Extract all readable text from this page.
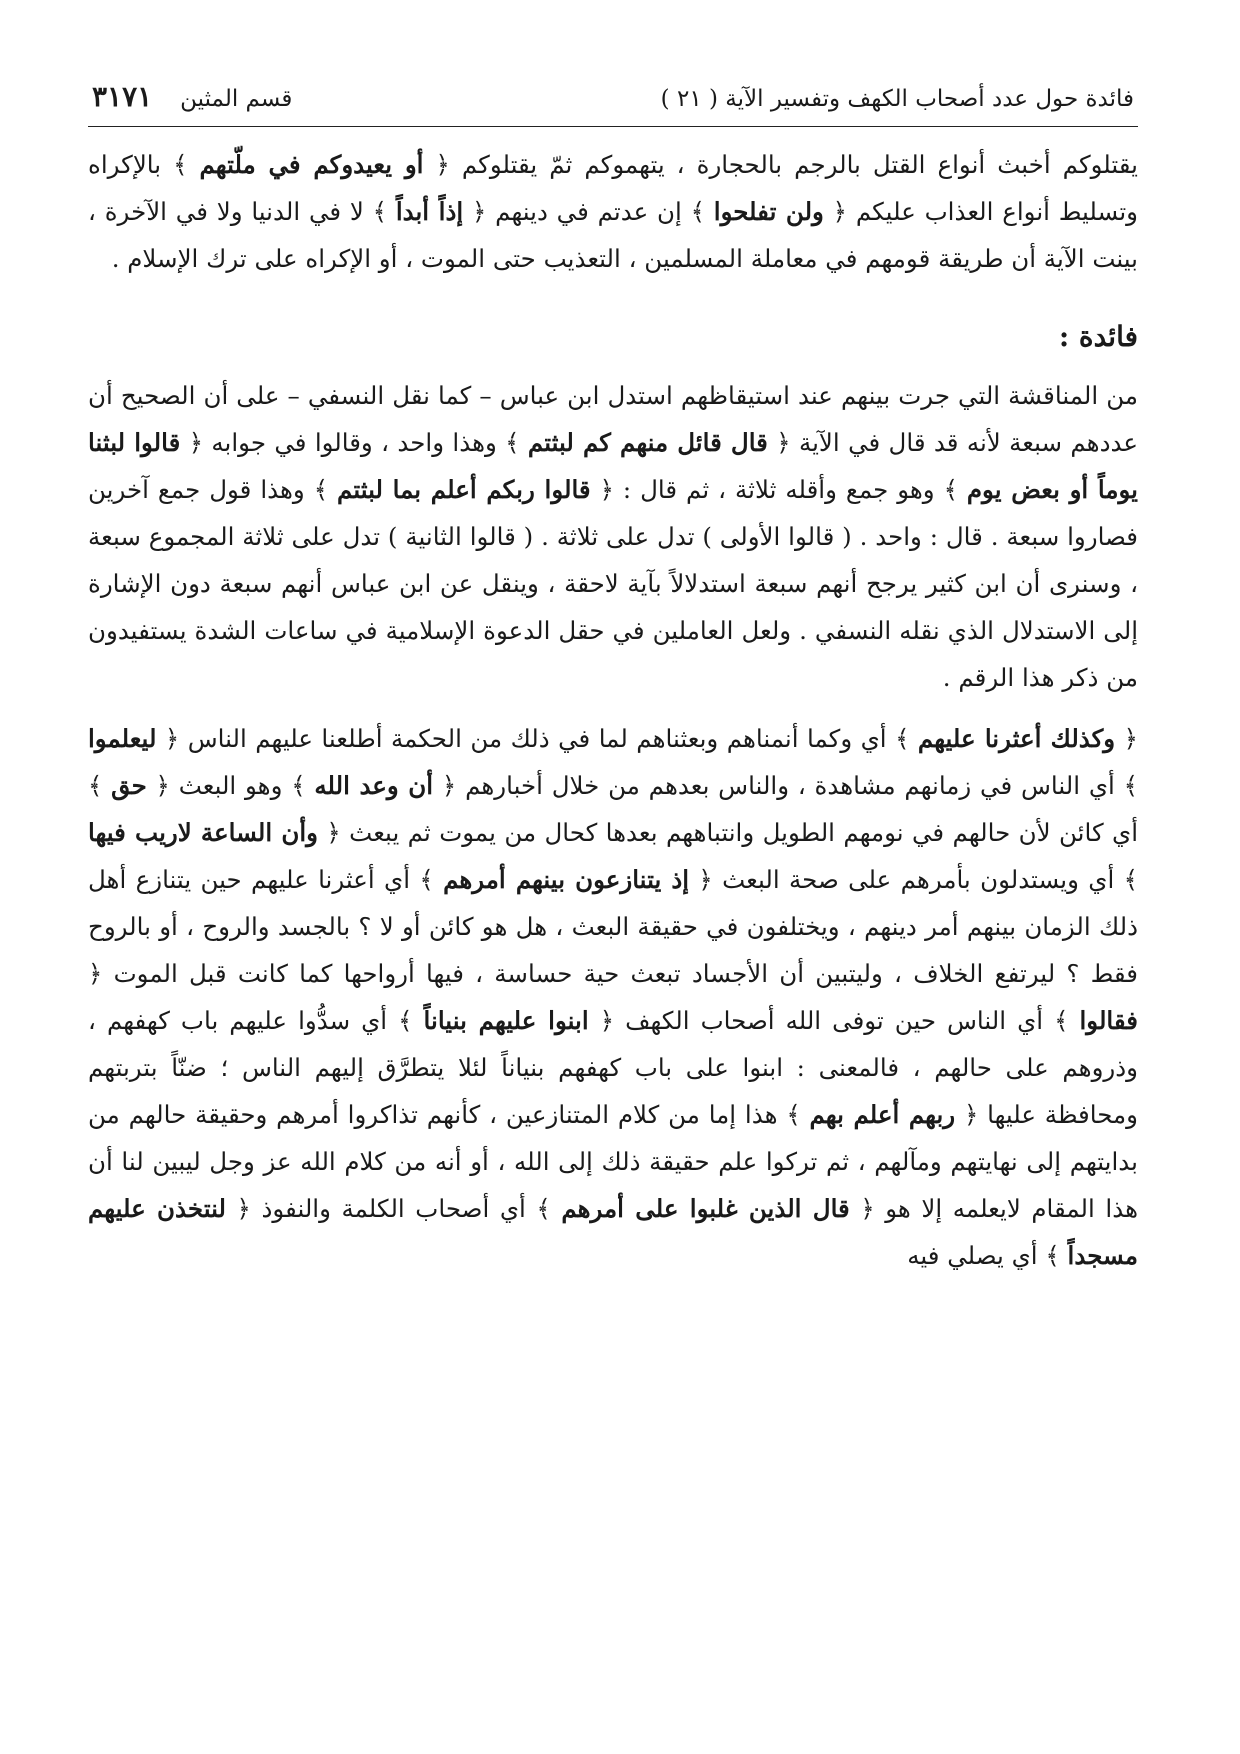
فائدة حول عدد أصحاب الكهف وتفسير الآية ( ٢١ )
قسم المثين
٣١٧١

يقتلوكم أخبث أنواع القتل بالرجم بالحجارة ، يتهموكم ثمّ يقتلوكم ﴿ أو يعيدوكم في ملّتهم ﴾ بالإكراه وتسليط أنواع العذاب عليكم ﴿ ولن تفلحوا ﴾ إن عدتم في دينهم ﴿ إذاً أبداً ﴾ لا في الدنيا ولا في الآخرة ، بينت الآية أن طريقة قومهم في معاملة المسلمين ، التعذيب حتى الموت ، أو الإكراه على ترك الإسلام .

فائدة :

من المناقشة التي جرت بينهم عند استيقاظهم استدل ابن عباس – كما نقل النسفي – على أن الصحيح أن عددهم سبعة لأنه قد قال في الآية ﴿ قال قائل منهم كم لبثتم ﴾ وهذا واحد ، وقالوا في جوابه ﴿ قالوا لبثنا يوماً أو بعض يوم ﴾ وهو جمع وأقله ثلاثة ، ثم قال : ﴿ قالوا ربكم أعلم بما لبثتم ﴾ وهذا قول جمع آخرين فصاروا سبعة . قال : واحد . ( قالوا الأولى ) تدل على ثلاثة . ( قالوا الثانية ) تدل على ثلاثة المجموع سبعة ، وسنرى أن ابن كثير يرجح أنهم سبعة استدلالاً بآية لاحقة ، وينقل عن ابن عباس أنهم سبعة دون الإشارة إلى الاستدلال الذي نقله النسفي . ولعل العاملين في حقل الدعوة الإسلامية في ساعات الشدة يستفيدون من ذكر هذا الرقم .

﴿ وكذلك أعثرنا عليهم ﴾ أي وكما أنمناهم وبعثناهم لما في ذلك من الحكمة أطلعنا عليهم الناس ﴿ ليعلموا ﴾ أي الناس في زمانهم مشاهدة ، والناس بعدهم من خلال أخبارهم ﴿ أن وعد الله ﴾ وهو البعث ﴿ حق ﴾ أي كائن لأن حالهم في نومهم الطويل وانتباههم بعدها كحال من يموت ثم يبعث ﴿ وأن الساعة لاريب فيها ﴾ أي ويستدلون بأمرهم على صحة البعث ﴿ إذ يتنازعون بينهم أمرهم ﴾ أي أعثرنا عليهم حين يتنازع أهل ذلك الزمان بينهم أمر دينهم ، ويختلفون في حقيقة البعث ، هل هو كائن أو لا ؟ بالجسد والروح ، أو بالروح فقط ؟ ليرتفع الخلاف ، وليتبين أن الأجساد تبعث حية حساسة ، فيها أرواحها كما كانت قبل الموت ﴿ فقالوا ﴾ أي الناس حين توفى الله أصحاب الكهف ﴿ ابنوا عليهم بنياناً ﴾ أي سدُّوا عليهم باب كهفهم ، وذروهم على حالهم ، فالمعنى : ابنوا على باب كهفهم بنياناً لئلا يتطرَّق إليهم الناس ؛ ضنّاً بتربتهم ومحافظة عليها ﴿ ربهم أعلم بهم ﴾ هذا إما من كلام المتنازعين ، كأنهم تذاكروا أمرهم وحقيقة حالهم من بدايتهم إلى نهايتهم ومآلهم ، ثم تركوا علم حقيقة ذلك إلى الله ، أو أنه من كلام الله عز وجل ليبين لنا أن هذا المقام لايعلمه إلا هو ﴿ قال الذين غلبوا على أمرهم ﴾ أي أصحاب الكلمة والنفوذ ﴿ لنتخذن عليهم مسجداً ﴾ أي يصلي فيه
